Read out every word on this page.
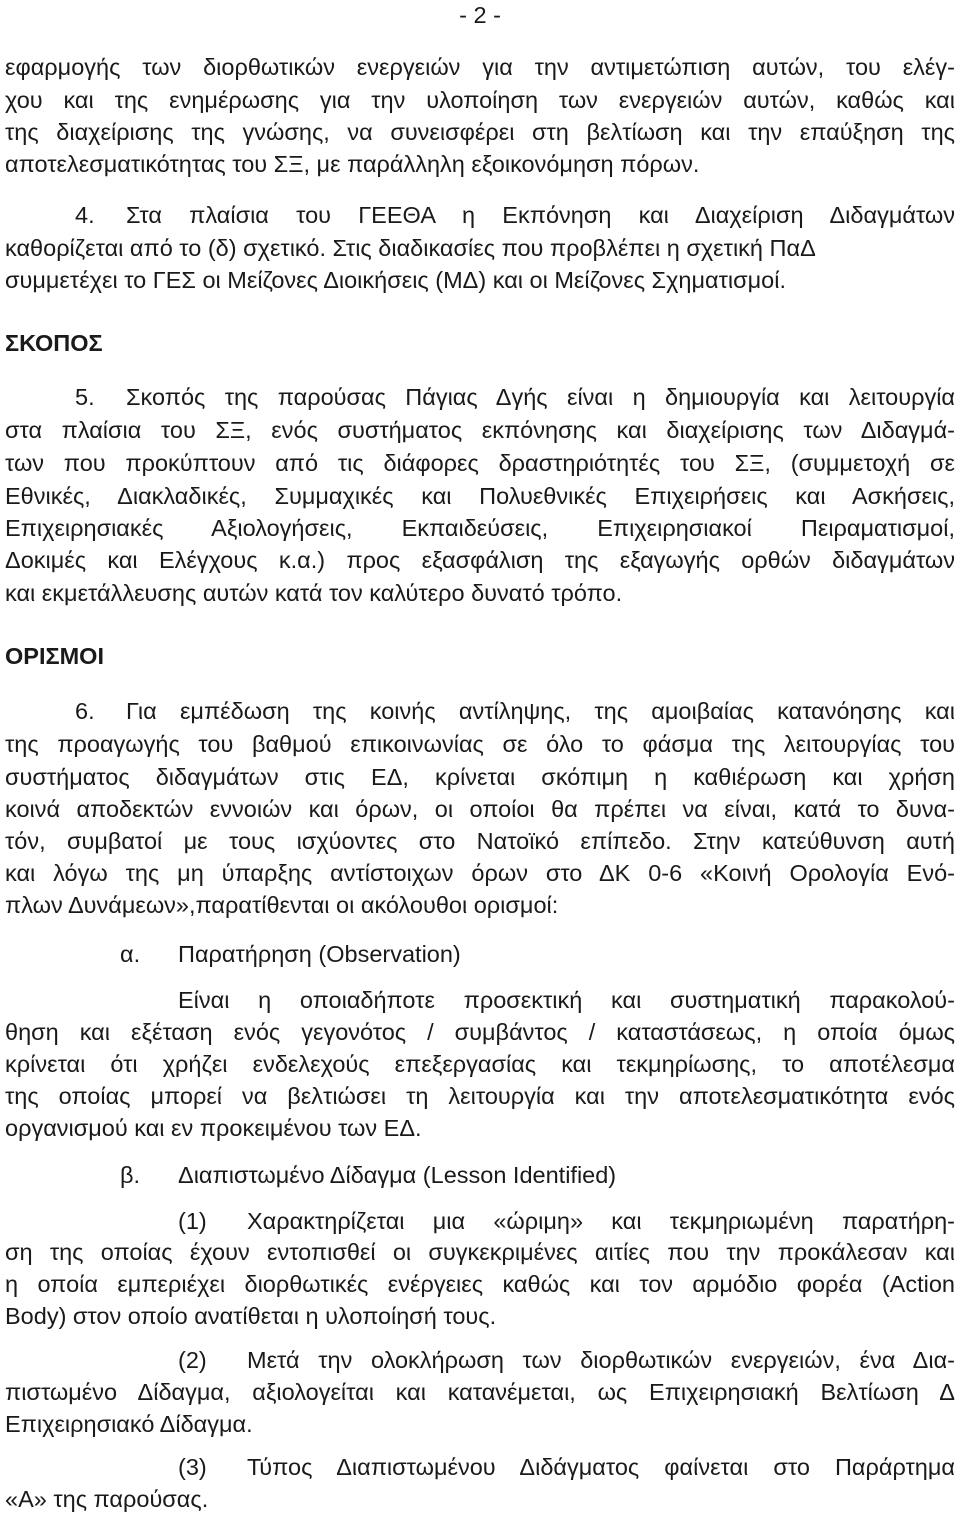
- 2 -
εφαρμογής των διορθωτικών ενεργειών για την αντιμετώπιση αυτών, του ελέγ-
χου και της ενημέρωσης για την υλοποίηση των ενεργειών αυτών, καθώς και
της διαχείρισης της γνώσης, να συνεισφέρει στη βελτίωση και την επαύξηση της
αποτελεσματικότητας του ΣΞ, με παράλληλη εξοικονόμηση πόρων.
4.	Στα πλαίσια του ΓΕΕΘΑ η Εκπόνηση και Διαχείριση Διδαγμάτων
καθορίζεται από το (δ) σχετικό. Στις διαδικασίες που προβλέπει η σχετική ΠαΔ
συμμετέχει το ΓΕΣ οι Μείζονες Διοικήσεις (ΜΔ) και οι Μείζονες Σχηματισμοί.
ΣΚΟΠΟΣ
5.	Σκοπός της παρούσας Πάγιας Δγής είναι η δημιουργία και λειτουργία
στα πλαίσια του ΣΞ, ενός συστήματος εκπόνησης και διαχείρισης των Διδαγμά-
των που προκύπτουν από τις διάφορες δραστηριότητές του ΣΞ, (συμμετοχή σε
Εθνικές, Διακλαδικές, Συμμαχικές και Πολυεθνικές Επιχειρήσεις και Ασκήσεις,
Επιχειρησιακές Αξιολογήσεις, Εκπαιδεύσεις, Επιχειρησιακοί Πειραματισμοί,
Δοκιμές και Ελέγχους κ.α.) προς εξασφάλιση της εξαγωγής ορθών διδαγμάτων
και εκμετάλλευσης αυτών κατά τον καλύτερο δυνατό τρόπο.
ΟΡΙΣΜΟΙ
6.	Για εμπέδωση της κοινής αντίληψης, της αμοιβαίας κατανόησης και
της προαγωγής του βαθμού επικοινωνίας σε όλο το φάσμα της λειτουργίας του
συστήματος διδαγμάτων στις ΕΔ, κρίνεται σκόπιμη η καθιέρωση και χρήση
κοινά αποδεκτών εννοιών και όρων, οι οποίοι θα πρέπει να είναι, κατά το δυνα-
τόν, συμβατοί με τους ισχύοντες στο Νατοϊκό επίπεδο. Στην κατεύθυνση αυτή
και λόγω της μη ύπαρξης αντίστοιχων όρων στο ΔΚ 0-6 «Κοινή Ορολογία Ενό-
πλων Δυνάμεων»,παρατίθενται οι ακόλουθοι ορισμοί:
α. Παρατήρηση (Observation)
Είναι η οποιαδήποτε προσεκτική και συστηματική παρακολού-
θηση και εξέταση ενός γεγονότος / συμβάντος / καταστάσεως, η οποία όμως
κρίνεται ότι χρήζει ενδελεχούς επεξεργασίας και τεκμηρίωσης, το αποτέλεσμα
της οποίας μπορεί να βελτιώσει τη λειτουργία και την αποτελεσματικότητα ενός
οργανισμού και εν προκειμένου των ΕΔ.
β. Διαπιστωμένο Δίδαγμα (Lesson Identified)
(1)	Χαρακτηρίζεται μια «ώριμη» και τεκμηριωμένη παρατήρη-
ση της οποίας έχουν εντοπισθεί οι συγκεκριμένες αιτίες που την προκάλεσαν και
η οποία εμπεριέχει διορθωτικές ενέργειες καθώς και τον αρμόδιο φορέα (Action
Body) στον οποίο ανατίθεται η υλοποίησή τους.
(2)	Μετά την ολοκλήρωση των διορθωτικών ενεργειών, ένα Δια-
πιστωμένο Δίδαγμα, αξιολογείται και κατανέμεται, ως Επιχειρησιακή Βελτίωση Δ
Επιχειρησιακό Δίδαγμα.
(3)	Τύπος Διαπιστωμένου Διδάγματος φαίνεται στο Παράρτημα
«Α» της παρούσας.
